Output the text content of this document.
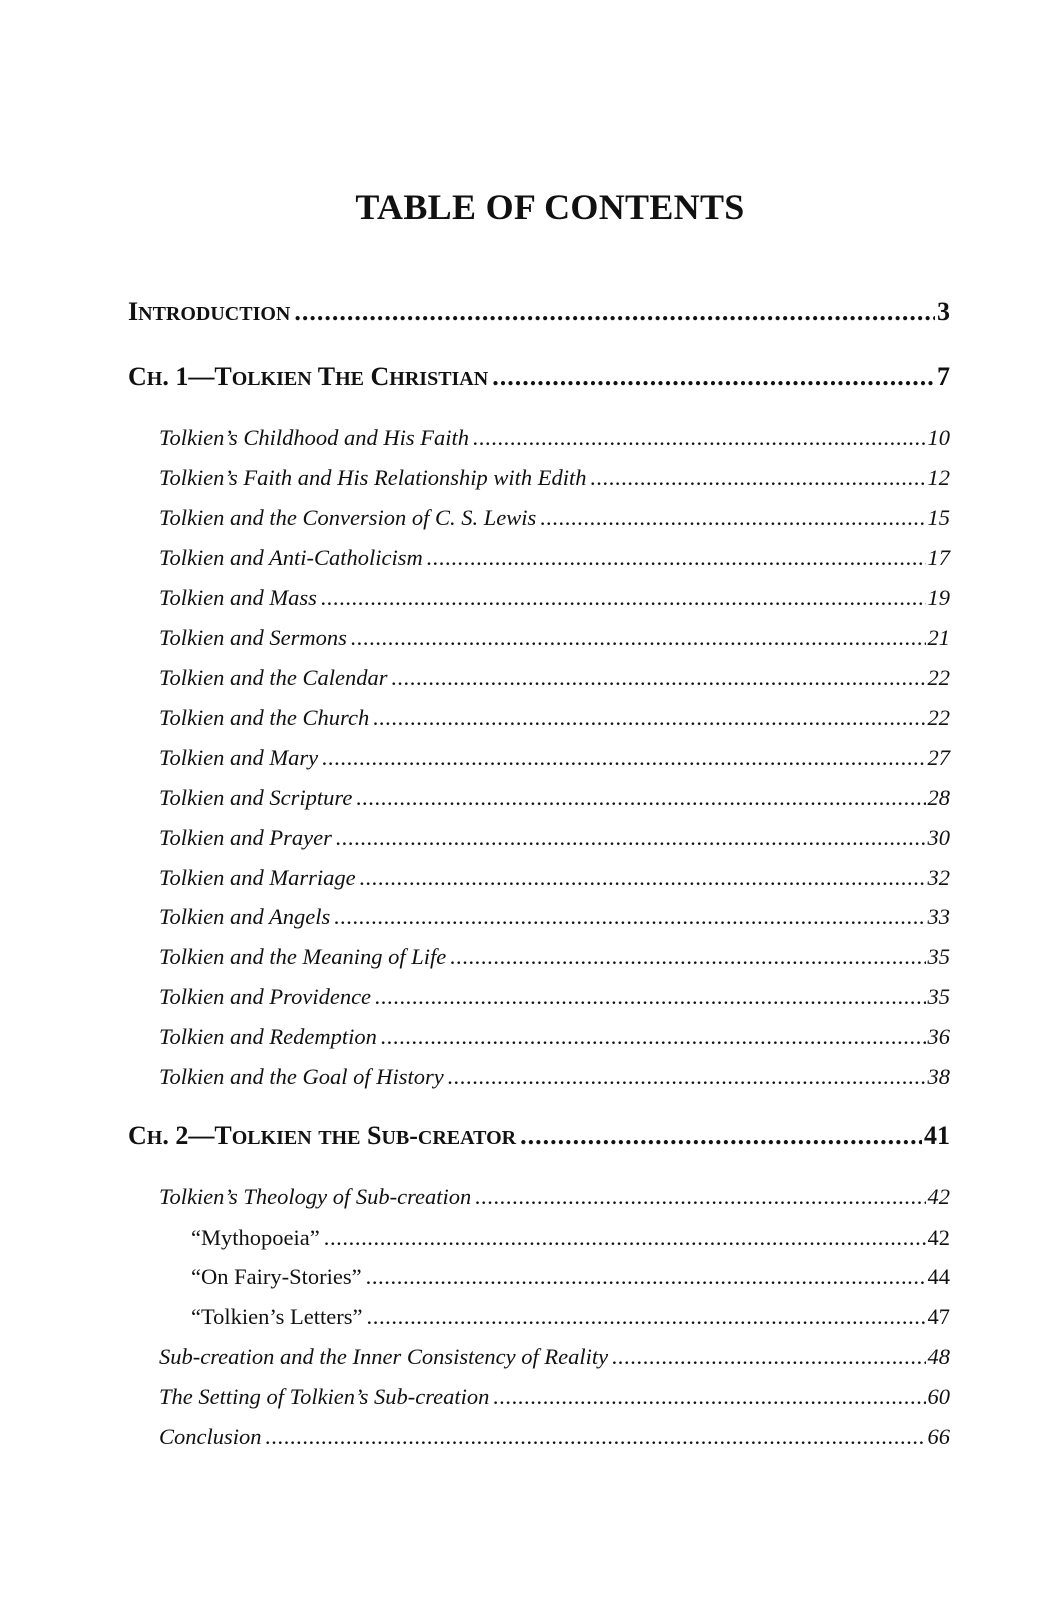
TABLE OF CONTENTS
INTRODUCTION .....	3
CH. 1—TOLKIEN THE CHRISTIAN .....	7
Tolkien’s Childhood and His Faith .....	10
Tolkien’s Faith and His Relationship with Edith .....	12
Tolkien and the Conversion of C. S. Lewis .....	15
Tolkien and Anti-Catholicism .....	17
Tolkien and Mass .....	19
Tolkien and Sermons .....	21
Tolkien and the Calendar .....	22
Tolkien and the Church .....	22
Tolkien and Mary .....	27
Tolkien and Scripture .....	28
Tolkien and Prayer .....	30
Tolkien and Marriage .....	32
Tolkien and Angels .....	33
Tolkien and the Meaning of Life .....	35
Tolkien and Providence .....	35
Tolkien and Redemption .....	36
Tolkien and the Goal of History .....	38
CH. 2—TOLKIEN THE SUB-CREATOR .....	41
Tolkien’s Theology of Sub-creation .....	42
“Mythopoeia” .....	42
“On Fairy-Stories” .....	44
“Tolkien’s Letters” .....	47
Sub-creation and the Inner Consistency of Reality .....	48
The Setting of Tolkien’s Sub-creation .....	60
Conclusion .....	66
